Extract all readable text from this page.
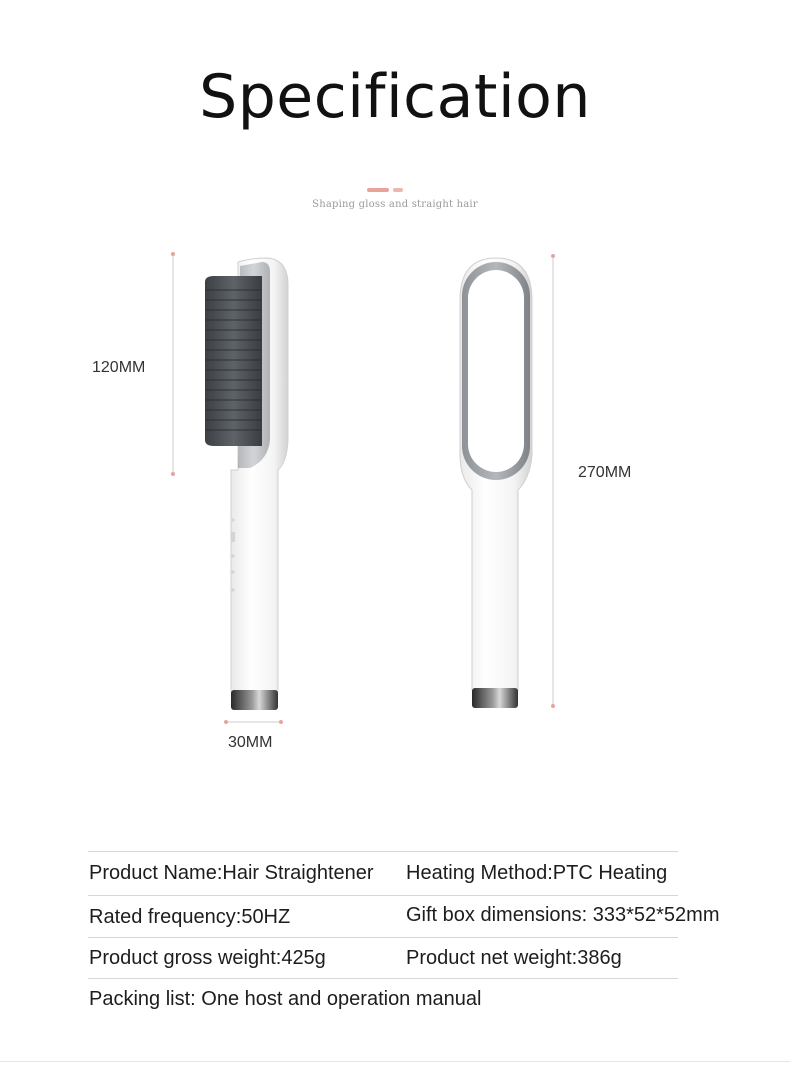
Specification
Shaping gloss and straight hair
120MM
270MM
30MM
Product Name:Hair Straightener Heating Method:PTC Heating
Rated frequency:50HZ	Gift box dimensions: 333*52*52mm
Product gross weight:425g	Product net weight:386g
Packing list: One host and operation manual
